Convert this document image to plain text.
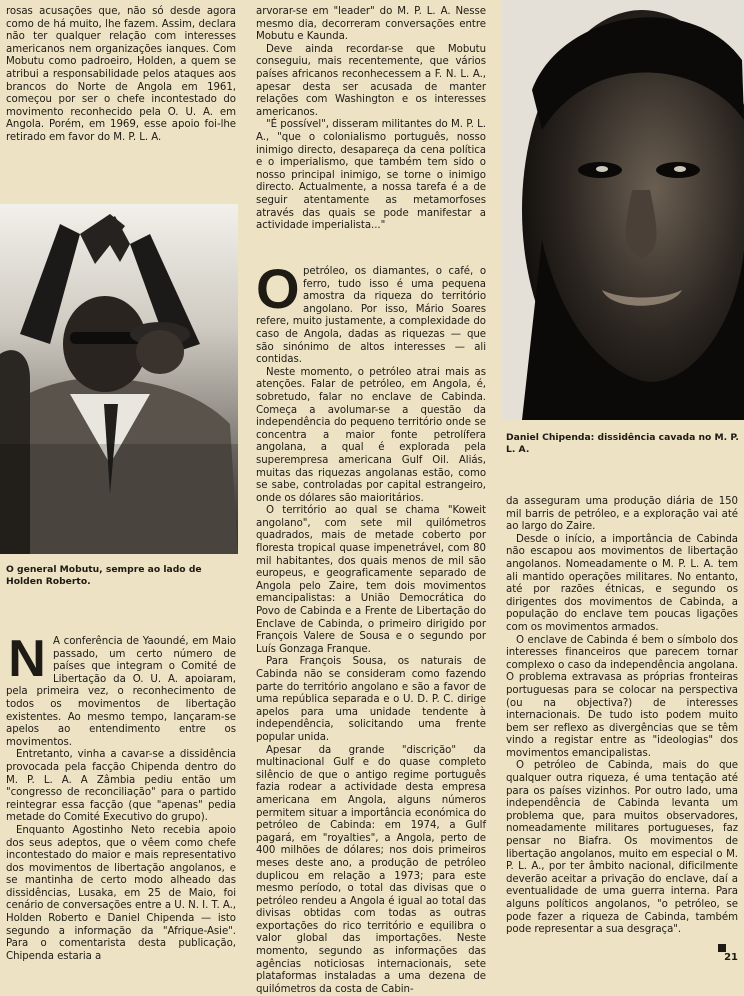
rosas acusações que, não só desde agora como de há muito, lhe fazem. Assim, declara não ter qualquer relação com interesses americanos nem organizações ianques. Com Mobutu como padroeiro, Holden, a quem se atribui a responsabilidade pelos ataques aos brancos do Norte de Angola em 1961, começou por ser o chefe incontestado do movimento reconhecido pela O. U. A. em Angola. Porém, em 1969, esse apoio foi-lhe retirado em favor do M. P. L. A.

O general Mobutu, sempre ao lado de Holden Roberto.
N A conferência de Yaoundé, em Maio passado, um certo número de países que integram o Comité de Libertação da O. U. A. apoiaram, pela primeira vez, o reconhecimento de todos os movimentos de libertação existentes. Ao mesmo tempo, lançaram-se apelos ao entendimento entre os movimentos.

Entretanto, vinha a cavar-se a dissidência provocada pela facção Chipenda dentro do M. P. L. A. A Zâmbia pediu então um "congresso de reconciliação" para o partido reintegrar essa facção (que "apenas" pedia metade do Comité Executivo do grupo).

Enquanto Agostinho Neto recebia apoio dos seus adeptos, que o vêem como chefe incontestado do maior e mais representativo dos movimentos de libertação angolanos, e se mantinha de certo modo alheado das dissidências, Lusaka, em 25 de Maio, foi cenário de conversações entre a U. N. I. T. A., Holden Roberto e Daniel Chipenda — isto segundo a informação da "Afrique-Asie". Para o comentarista desta publicação, Chipenda estaria a

arvorar-se em "leader" do M. P. L. A. Nesse mesmo dia, decorreram conversações entre Mobutu e Kaunda.

Deve ainda recordar-se que Mobutu conseguiu, mais recentemente, que vários países africanos reconhecessem a F. N. L. A., apesar desta ser acusada de manter relações com Washington e os interesses americanos.

"É possível", disseram militantes do M. P. L. A., "que o colonialismo português, nosso inimigo directo, desapareça da cena política e o imperialismo, que também tem sido o nosso principal inimigo, se torne o inimigo directo. Actualmente, a nossa tarefa é a de seguir atentamente as metamorfoses através das quais se pode manifestar a actividade imperialista..."

O petróleo, os diamantes, o café, o ferro, tudo isso é uma pequena amostra da riqueza do território angolano. Por isso, Mário Soares refere, muito justamente, a complexidade do caso de Angola, dadas as riquezas — que são sinónimo de altos interesses — ali contidas.

Neste momento, o petróleo atrai mais as atenções. Falar de petróleo, em Angola, é, sobretudo, falar no enclave de Cabinda. Começa a avolumar-se a questão da independência do pequeno território onde se concentra a maior fonte petrolífera angolana, a qual é explorada pela superempresa americana Gulf Oil. Aliás, muitas das riquezas angolanas estão, como se sabe, controladas por capital estrangeiro, onde os dólares são maioritários.

O território ao qual se chama "Koweit angolano", com sete mil quilómetros quadrados, mais de metade coberto por floresta tropical quase impenetrável, com 80 mil habitantes, dos quais menos de mil são europeus, e geograficamente separado de Angola pelo Zaire, tem dois movimentos emancipalistas: a União Democrática do Povo de Cabinda e a Frente de Libertação do Enclave de Cabinda, o primeiro dirigido por François Valere de Sousa e o segundo por Luís Gonzaga Franque.

Para François Sousa, os naturais de Cabinda não se consideram como fazendo parte do território angolano e são a favor de uma república separada e o U. D. P. C. dirige apelos para uma unidade tendente à independência, solicitando uma frente popular unida.

Apesar da grande "discrição" da multinacional Gulf e do quase completo silêncio de que o antigo regime português fazia rodear a actividade desta empresa americana em Angola, alguns números permitem situar a importância económica do petróleo de Cabinda: em 1974, a Gulf pagará, em "royalties", a Angola, perto de 400 milhões de dólares; nos dois primeiros meses deste ano, a produção de petróleo duplicou em relação a 1973; para este mesmo período, o total das divisas que o petróleo rendeu a Angola é igual ao total das divisas obtidas com todas as outras exportações do rico território e equilibra o valor global das importações. Neste momento, segundo as informações das agências noticiosas internacionais, sete plataformas instaladas a uma dezena de quilómetros da costa de Cabin-

Daniel Chipenda: dissidência cavada no M. P. L. A.

da asseguram uma produção diária de 150 mil barris de petróleo, e a exploração vai até ao largo do Zaire.

Desde o início, a importância de Cabinda não escapou aos movimentos de libertação angolanos. Nomeadamente o M. P. L. A. tem ali mantido operações militares. No entanto, até por razões étnicas, e segundo os dirigentes dos movimentos de Cabinda, a população do enclave tem poucas ligações com os movimentos armados.

O enclave de Cabinda é bem o símbolo dos interesses financeiros que parecem tornar complexo o caso da independência angolana. O problema extravasa as próprias fronteiras portuguesas para se colocar na perspectiva (ou na objectiva?) de interesses internacionais. De tudo isto podem muito bem ser reflexo as divergências que se têm vindo a registar entre as "ideologias" dos movimentos emancipalistas.

O petróleo de Cabinda, mais do que qualquer outra riqueza, é uma tentação até para os países vizinhos. Por outro lado, uma independência de Cabinda levanta um problema que, para muitos observadores, nomeadamente militares portugueses, faz pensar no Biafra. Os movimentos de libertação angolanos, muito em especial o M. P. L. A., por ter âmbito nacional, dificilmente deverão aceitar a privação do enclave, daí a eventualidade de uma guerra interna. Para alguns políticos angolanos, "o petróleo, se pode fazer a riqueza de Cabinda, também pode representar a sua desgraça".

21
